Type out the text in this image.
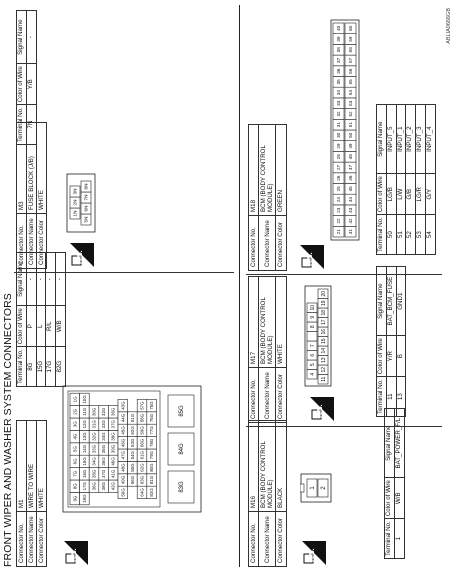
FRONT WIPER AND WASHER SYSTEM CONNECTORS Connector No.	M1
Connector Name	WIRE TO WIRE
Connector Color	WHITE
H.S.
9G
8G
7G
6G
5G
4G
3G
2G
1G
18G
17G
16G
15G
14G
13G
12G
11G
10G
36G
35G
34G
33G
32G
31G
30G
38G
37G
36G
35G
34G
33G
32G
42G
41G
40G
39G
38G
37G
36G
50G
49G
48G
47G
46G
45G
44G
43G
56G
55G
54G
53G
52G
51G
64G
63G
62G
61G
60G
59G
58G
57G
82G
81G
80G
79G
78G
77G
76G
75G
83G
84G
85G
Terminal No.	Color of Wire	Signal Name
8G	P	-
15G	L	-
17G	R/L	-
82G	W/B	-
Connector No.	M3
Connector Name	FUSE BLOCK (J/B)
Connector Color	WHITE
H.S.
1N
2N
3N
5N
6N
7N
8N
Terminal No.	Color of Wire	Signal Name
7N	Y/B	-
Connector No.	M16
Connector Name	BCM (BODY CONTROL MODULE)
Connector Color	BLACK
H.S.
1 2
Terminal No.	Color of Wire	Signal Name
1	W/B	BAT_POWER_F/L
Connector No.	M17
Connector Name	BCM (BODY CONTROL MODULE)
Connector Color	WHITE
H.S.
4
5
6
7
8
9
10
11
12
13
14
15
16
17
18
19
20
Terminal No.	Color of Wire	Signal Name
11	Y/R	BAT_BCM_FUSE
13	B	GND1
Connector No.	M18
Connector Name	BCM (BODY CONTROL MODULE)
Connector Color	GREEN
H.S.
21
22
23
24
25
26
27
28
29
30
31
32
33
34
35
36
37
38
39
40
41
42
43
44
45
46
47
48
49
50
51
52
53
54
55
56
57
58
59
60
Terminal No.	Color of Wire	Signal Name
50	LG/B	INPUT_5
51	L/W	INPUT_1
52	G/B	INPUT_2
53	LG/R	INPUT_3
54	G/Y	INPUT_4
ABLIA0666GB
